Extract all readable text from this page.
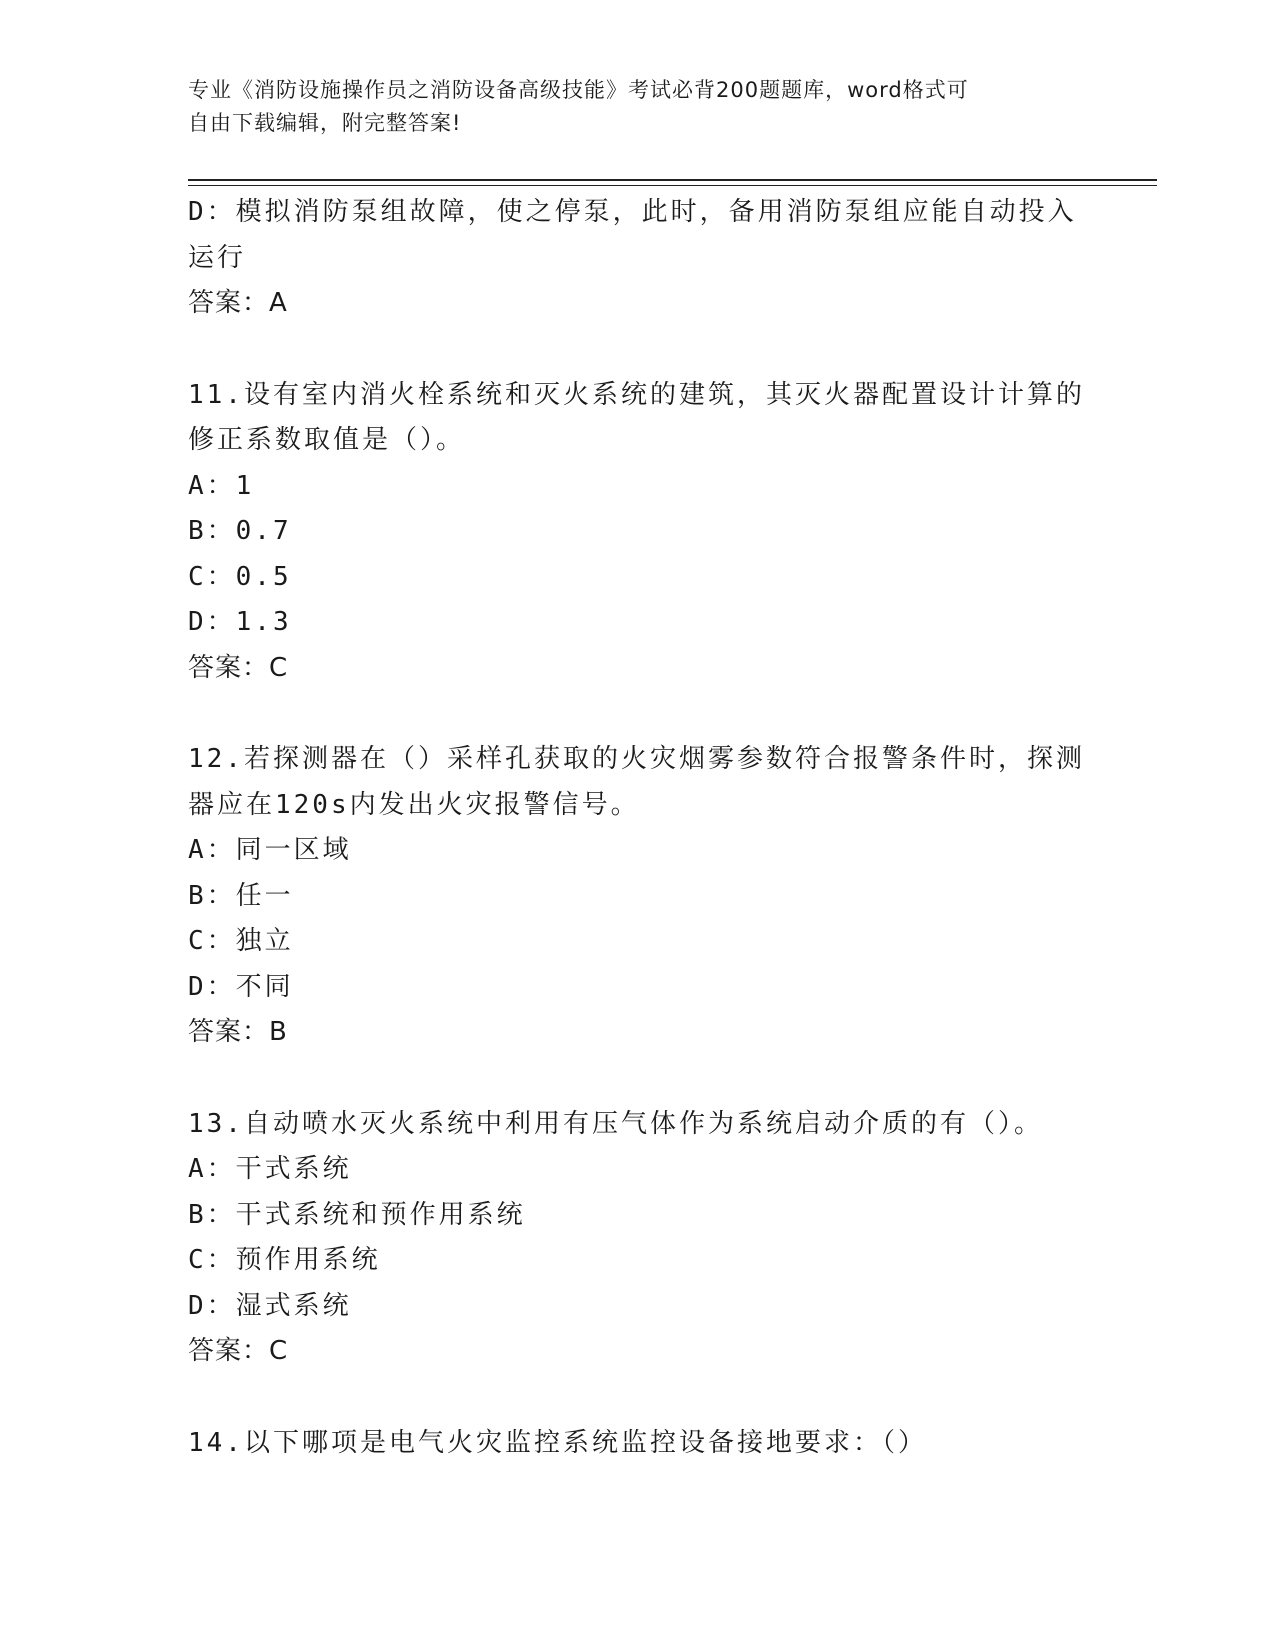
专业《消防设施操作员之消防设备高级技能》考试必背200题题库，word格式可
自由下载编辑，附完整答案!
D：模拟消防泵组故障，使之停泵，此时，备用消防泵组应能自动投入
运行
答案：A
11.设有室内消火栓系统和灭火系统的建筑，其灭火器配置设计计算的
修正系数取值是（）。
A：1
B：0.7
C：0.5
D：1.3
答案：C
12.若探测器在（）采样孔获取的火灾烟雾参数符合报警条件时，探测
器应在120s内发出火灾报警信号。
A：同一区域
B：任一
C：独立
D：不同
答案：B
13.自动喷水灭火系统中利用有压气体作为系统启动介质的有（）。
A：干式系统
B：干式系统和预作用系统
C：预作用系统
D：湿式系统
答案：C
14.以下哪项是电气火灾监控系统监控设备接地要求：（）
